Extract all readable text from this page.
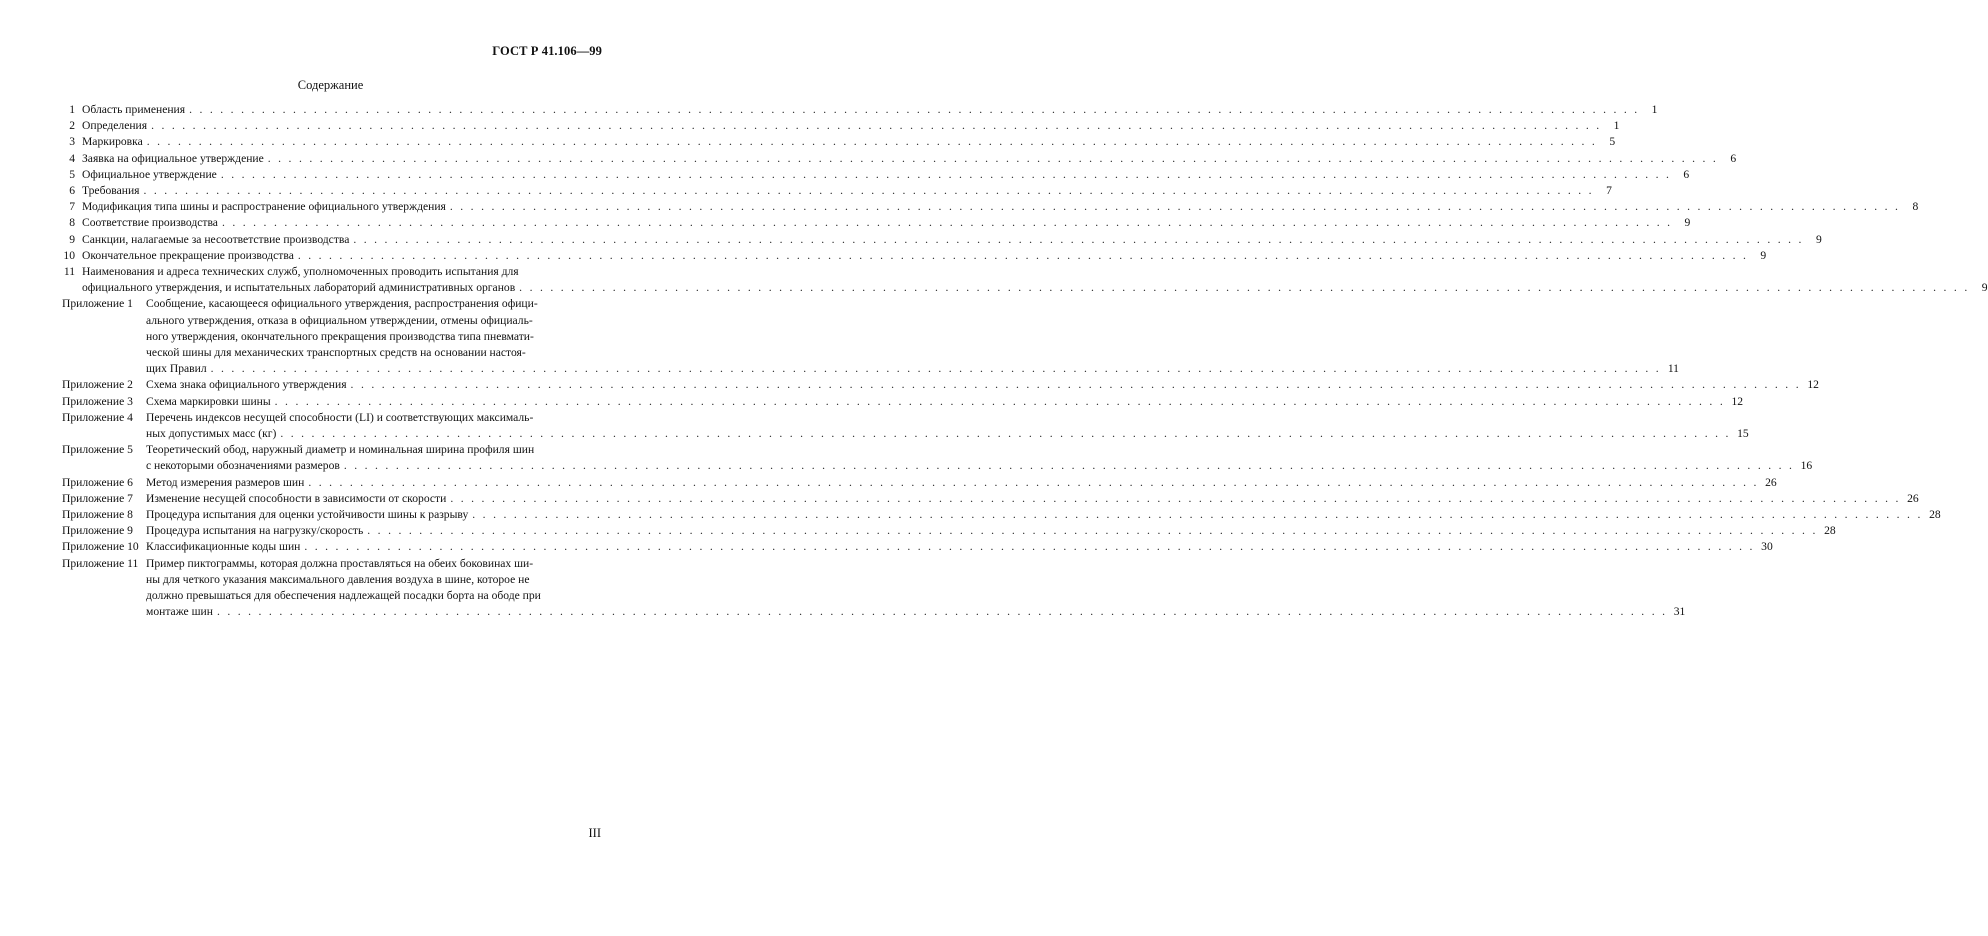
ГОСТ Р 41.106—99
Содержание
1 Область применения . . . . . . . . . . . . . . . . . . . . . . . . . . . . . . . . . . . . . . . . . . . . . . . . . . . . . . . . . . . . . . . . . . . . . . . . . . . . . . . . . . . . . . . . . . . . . . . . . . . . . . . . . . . . . . . . . . . . . . . . . . . . . . . . . . . . . . . . . . . .	1
2 Определения . . . . . . . . . . . . . . . . . . . . . . . . . . . . . . . . . . . . . . . . . . . . . . . . . . . . . . . . . . . . . . . . . . . . . . . . . . . . . . . . . . . . . . . . . . . . . . . . . . . . . . . . . . . . . . . . . . . . . . . . . . . . . . . . . . . . . . . . . . . .	1
3 Маркировка . . . . . . . . . . . . . . . . . . . . . . . . . . . . . . . . . . . . . . . . . . . . . . . . . . . . . . . . . . . . . . . . . . . . . . . . . . . . . . . . . . . . . . . . . . . . . . . . . . . . . . . . . . . . . . . . . . . . . . . . . . . . . . . . . . . . . . . . . . . .	5
4 Заявка на официальное утверждение . . . . . . . . . . . . . . . . . . . . . . . . . . . . . . . . . . . . . . . . . . . . . . . . . . . . . . . . . . . . . . . . . . . . . . . . . . . . . . . . . . . . . . . . . . . . . . . . . . . . . . . . . . . . . . . . . . . . . . . . . . . . . . . . . . . . . . . . . . . .	6
5 Официальное утверждение . . . . . . . . . . . . . . . . . . . . . . . . . . . . . . . . . . . . . . . . . . . . . . . . . . . . . . . . . . . . . . . . . . . . . . . . . . . . . . . . . . . . . . . . . . . . . . . . . . . . . . . . . . . . . . . . . . . . . . . . . . . . . . . . . . . . . . . . . . . .	6
6 Требования . . . . . . . . . . . . . . . . . . . . . . . . . . . . . . . . . . . . . . . . . . . . . . . . . . . . . . . . . . . . . . . . . . . . . . . . . . . . . . . . . . . . . . . . . . . . . . . . . . . . . . . . . . . . . . . . . . . . . . . . . . . . . . . . . . . . . . . . . . . .	7
7 Модификация типа шины и распространение официального утверждения . . . . . . . . . . . . . . . . . . . . . . . . . . . . . . . . . . . . . . . . . . . . . . . . . . . . . . . . . . . . . . . . . . . . . . . . . . . . . . . . . . . . . . . . . . . . . . . . . . . . . . . . . . . . . . . . . . . . . . . . . . . . . . . . . . . . . . . . . . . .	8
8 Соответствие производства . . . . . . . . . . . . . . . . . . . . . . . . . . . . . . . . . . . . . . . . . . . . . . . . . . . . . . . . . . . . . . . . . . . . . . . . . . . . . . . . . . . . . . . . . . . . . . . . . . . . . . . . . . . . . . . . . . . . . . . . . . . . . . . . . . . . . . . . . . . .	9
9 Санкции, налагаемые за несоответствие производства . . . . . . . . . . . . . . . . . . . . . . . . . . . . . . . . . . . . . . . . . . . . . . . . . . . . . . . . . . . . . . . . . . . . . . . . . . . . . . . . . . . . . . . . . . . . . . . . . . . . . . . . . . . . . . . . . . . . . . . . . . . . . . . . . . . . . . . . . . . .	9
10 Окончательное прекращение производства . . . . . . . . . . . . . . . . . . . . . . . . . . . . . . . . . . . . . . . . . . . . . . . . . . . . . . . . . . . . . . . . . . . . . . . . . . . . . . . . . . . . . . . . . . . . . . . . . . . . . . . . . . . . . . . . . . . . . . . . . . . . . . . . . . . . . . . . . . . .	9
11 Наименования и адреса технических служб, уполномоченных проводить испытания для
официального утверждения, и испытательных лабораторий административных органов . . . . . . . . . . . . . . . . . . . . . . . . . . . . . . . . . . . . . . . . . . . . . . . . . . . . . . . . . . . . . . . . . . . . . . . . . . . . . . . . . . . . . . . . . . . . . . . . . . . . . . . . . . . . . . . . . . . . . . . . . . . . . . . . . . . . . . . . . . . .	9
Приложение 1	Сообщение, касающееся официального утверждения, распространения офици-
ального утверждения, отказа в официальном утверждении, отмены официаль-
ного утверждения, окончательного прекращения производства типа пневмати-
ческой шины для механических транспортных средств на основании настоя-
щих Правил . . . . . . . . . . . . . . . . . . . . . . . . . . . . . . . . . . . . . . . . . . . . . . . . . . . . . . . . . . . . . . . . . . . . . . . . . . . . . . . . . . . . . . . . . . . . . . . . . . . . . . . . . . . . . . . . . . . . . . . . . . . . . . . . . . . . . . . . . . . . 11
Приложение 2	Схема знака официального утверждения . . . . . . . . . . . . . . . . . . . . . . . . . . . . . . . . . . . . . . . . . . . . . . . . . . . . . . . . . . . . . . . . . . . . . . . . . . . . . . . . . . . . . . . . . . . . . . . . . . . . . . . . . . . . . . . . . . . . . . . . . . . . . . . . . . . . . . . . . . . . 12
Приложение 3	Схема маркировки шины . . . . . . . . . . . . . . . . . . . . . . . . . . . . . . . . . . . . . . . . . . . . . . . . . . . . . . . . . . . . . . . . . . . . . . . . . . . . . . . . . . . . . . . . . . . . . . . . . . . . . . . . . . . . . . . . . . . . . . . . . . . . . . . . . . . . . . . . . . . . 12
Приложение 4	Перечень индексов несущей способности (LI) и соответствующих максималь-
ных допустимых масс (кг) . . . . . . . . . . . . . . . . . . . . . . . . . . . . . . . . . . . . . . . . . . . . . . . . . . . . . . . . . . . . . . . . . . . . . . . . . . . . . . . . . . . . . . . . . . . . . . . . . . . . . . . . . . . . . . . . . . . . . . . . . . . . . . . . . . . . . . . . . . . . 15
Приложение 5	Теоретический обод, наружный диаметр и номинальная ширина профиля шин
с некоторыми обозначениями размеров . . . . . . . . . . . . . . . . . . . . . . . . . . . . . . . . . . . . . . . . . . . . . . . . . . . . . . . . . . . . . . . . . . . . . . . . . . . . . . . . . . . . . . . . . . . . . . . . . . . . . . . . . . . . . . . . . . . . . . . . . . . . . . . . . . . . . . . . . . . . 16
Приложение 6	Метод измерения размеров шин . . . . . . . . . . . . . . . . . . . . . . . . . . . . . . . . . . . . . . . . . . . . . . . . . . . . . . . . . . . . . . . . . . . . . . . . . . . . . . . . . . . . . . . . . . . . . . . . . . . . . . . . . . . . . . . . . . . . . . . . . . . . . . . . . . . . . . . . . . . . 26
Приложение 7	Изменение несущей способности в зависимости от скорости . . . . . . . . . . . . . . . . . . . . . . . . . . . . . . . . . . . . . . . . . . . . . . . . . . . . . . . . . . . . . . . . . . . . . . . . . . . . . . . . . . . . . . . . . . . . . . . . . . . . . . . . . . . . . . . . . . . . . . . . . . . . . . . . . . . . . . . . . . . . 26
Приложение 8	Процедура испытания для оценки устойчивости шины к разрыву . . . . . . . . . . . . . . . . . . . . . . . . . . . . . . . . . . . . . . . . . . . . . . . . . . . . . . . . . . . . . . . . . . . . . . . . . . . . . . . . . . . . . . . . . . . . . . . . . . . . . . . . . . . . . . . . . . . . . . . . . . . . . . . . . . . . . . . . . . . . 28
Приложение 9	Процедура испытания на нагрузку/скорость . . . . . . . . . . . . . . . . . . . . . . . . . . . . . . . . . . . . . . . . . . . . . . . . . . . . . . . . . . . . . . . . . . . . . . . . . . . . . . . . . . . . . . . . . . . . . . . . . . . . . . . . . . . . . . . . . . . . . . . . . . . . . . . . . . . . . . . . . . . . 28
Приложение 10 Классификационные коды шин . . . . . . . . . . . . . . . . . . . . . . . . . . . . . . . . . . . . . . . . . . . . . . . . . . . . . . . . . . . . . . . . . . . . . . . . . . . . . . . . . . . . . . . . . . . . . . . . . . . . . . . . . . . . . . . . . . . . . . . . . . . . . . . . . . . . . . . . . . . . 30
Приложение 11 Пример пиктограммы, которая должна проставляться на обеих боковинах ши-
ны для четкого указания максимального давления воздуха в шине, которое не
должно превышаться для обеспечения надлежащей посадки борта на ободе при
монтаже шин . . . . . . . . . . . . . . . . . . . . . . . . . . . . . . . . . . . . . . . . . . . . . . . . . . . . . . . . . . . . . . . . . . . . . . . . . . . . . . . . . . . . . . . . . . . . . . . . . . . . . . . . . . . . . . . . . . . . . . . . . . . . . . . . . . . . . . . . . . . . 31
III
